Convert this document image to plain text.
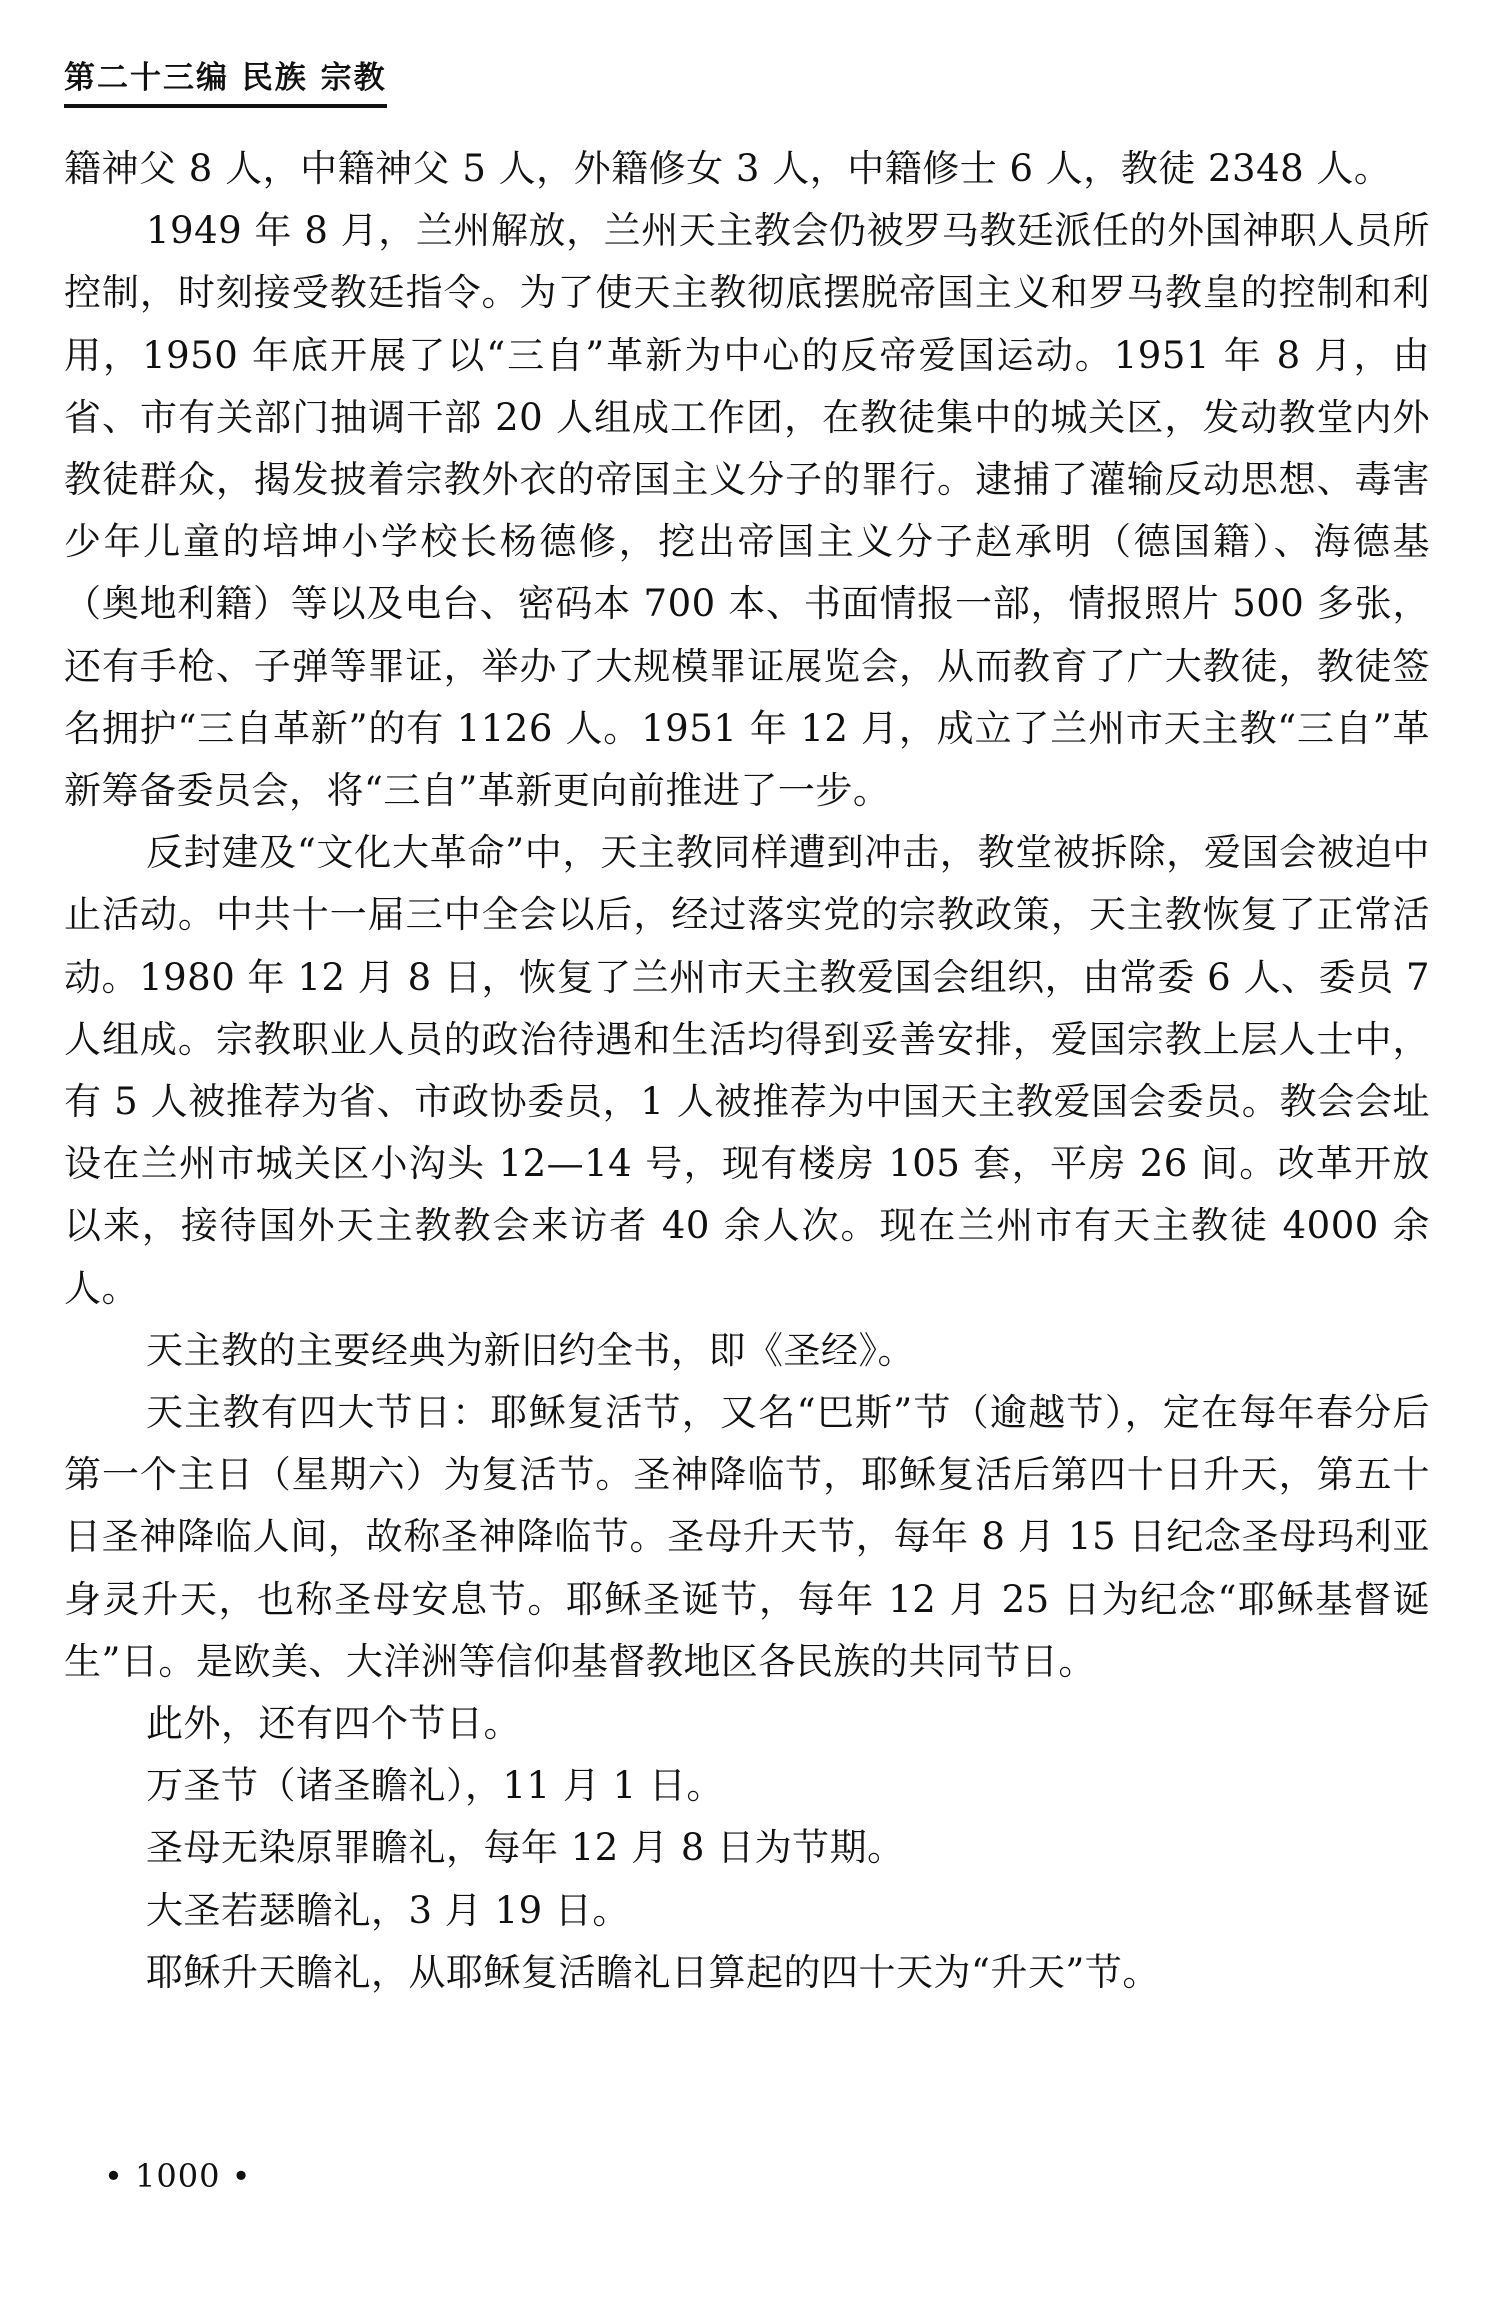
第二十三编 民族 宗教

籍神父 8 人，中籍神父 5 人，外籍修女 3 人，中籍修士 6 人，教徒 2348 人。

1949 年 8 月，兰州解放，兰州天主教会仍被罗马教廷派任的外国神职人员所控制，时刻接受教廷指令。为了使天主教彻底摆脱帝国主义和罗马教皇的控制和利用，1950 年底开展了以“三自”革新为中心的反帝爱国运动。1951 年 8 月，由省、市有关部门抽调干部 20 人组成工作团，在教徒集中的城关区，发动教堂内外教徒群众，揭发披着宗教外衣的帝国主义分子的罪行。逮捕了灌输反动思想、毒害少年儿童的培坤小学校长杨德修，挖出帝国主义分子赵承明（德国籍）、海德基（奥地利籍）等以及电台、密码本 700 本、书面情报一部，情报照片 500 多张，还有手枪、子弹等罪证，举办了大规模罪证展览会，从而教育了广大教徒，教徒签名拥护“三自革新”的有 1126 人。1951 年 12 月，成立了兰州市天主教“三自”革新筹备委员会，将“三自”革新更向前推进了一步。

反封建及“文化大革命”中，天主教同样遭到冲击，教堂被拆除，爱国会被迫中止活动。中共十一届三中全会以后，经过落实党的宗教政策，天主教恢复了正常活动。1980 年 12 月 8 日，恢复了兰州市天主教爱国会组织，由常委 6 人、委员 7 人组成。宗教职业人员的政治待遇和生活均得到妥善安排，爱国宗教上层人士中，有 5 人被推荐为省、市政协委员，1 人被推荐为中国天主教爱国会委员。教会会址设在兰州市城关区小沟头 12—14 号，现有楼房 105 套，平房 26 间。改革开放以来，接待国外天主教教会来访者 40 余人次。现在兰州市有天主教徒 4000 余人。

天主教的主要经典为新旧约全书，即《圣经》。

天主教有四大节日：耶稣复活节，又名“巴斯”节（逾越节），定在每年春分后第一个主日（星期六）为复活节。圣神降临节，耶稣复活后第四十日升天，第五十日圣神降临人间，故称圣神降临节。圣母升天节，每年 8 月 15 日纪念圣母玛利亚身灵升天，也称圣母安息节。耶稣圣诞节，每年 12 月 25 日为纪念“耶稣基督诞生”日。是欧美、大洋洲等信仰基督教地区各民族的共同节日。

此外，还有四个节日。

万圣节（诸圣瞻礼），11 月 1 日。

圣母无染原罪瞻礼，每年 12 月 8 日为节期。

大圣若瑟瞻礼，3 月 19 日。

耶稣升天瞻礼，从耶稣复活瞻礼日算起的四十天为“升天”节。

• 1000 •
